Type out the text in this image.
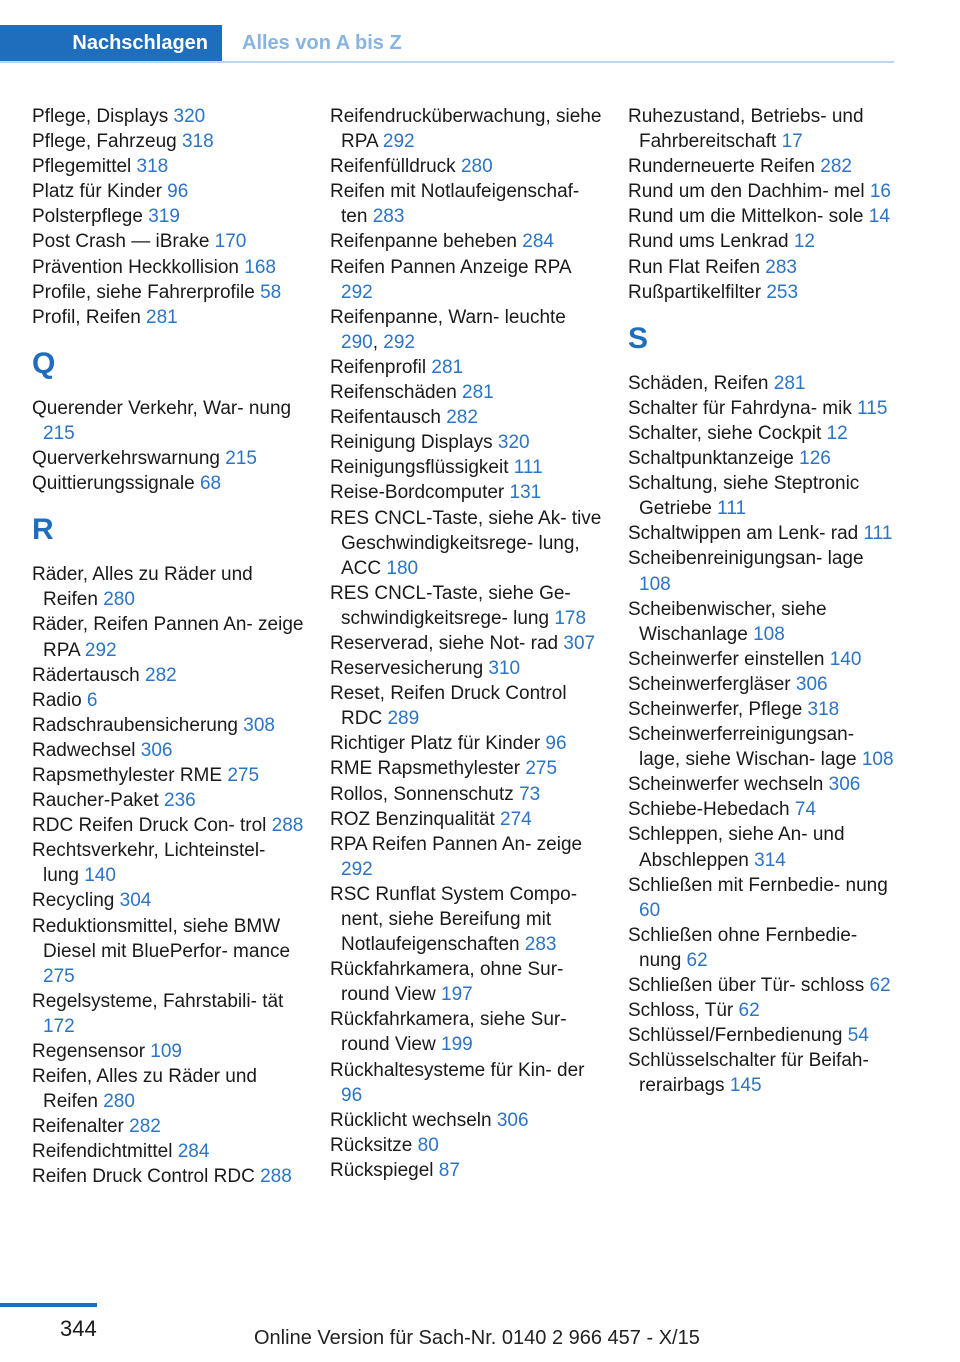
Nachschlagen Alles von A bis Z
Pflege, Displays 320
Pflege, Fahrzeug 318
Pflegemittel 318
Platz für Kinder 96
Polsterpflege 319
Post Crash — iBrake 170
Prävention Heckkollision 168
Profile, siehe Fahrerprofile 58
Profil, Reifen 281
Q
Querender Verkehr, War‐ nung 215
Querverkehrswarnung 215
Quittierungssignale 68
R
Räder, Alles zu Räder und Reifen 280
Räder, Reifen Pannen An‐ zeige RPA 292
Rädertausch 282
Radio 6
Radschraubensicherung 308
Radwechsel 306
Rapsmethylester RME 275
Raucher-Paket 236
RDC Reifen Druck Con‐ trol 288
Rechtsverkehr, Lichteinstel‐ lung 140
Recycling 304
Reduktionsmittel, siehe BMW Diesel mit BluePerfor‐ mance 275
Regelsysteme, Fahrstabili‐ tät 172
Regensensor 109
Reifen, Alles zu Räder und Reifen 280
Reifenalter 282
Reifendichtmittel 284
Reifen Druck Control RDC 288
Reifendrucküberwachung, siehe RPA 292
Reifenfülldruck 280
Reifen mit Notlaufeigenschaf‐ ten 283
Reifenpanne beheben 284
Reifen Pannen Anzeige RPA 292
Reifenpanne, Warn‐ leuchte 290, 292
Reifenprofil 281
Reifenschäden 281
Reifentausch 282
Reinigung Displays 320
Reinigungsflüssigkeit 111
Reise-Bordcomputer 131
RES CNCL-Taste, siehe Ak‐ tive Geschwindigkeitsrege‐ lung, ACC 180
RES CNCL-Taste, siehe Ge‐ schwindigkeitsrege‐ lung 178
Reserverad, siehe Not‐ rad 307
Reservesicherung 310
Reset, Reifen Druck Control RDC 289
Richtiger Platz für Kinder 96
RME Rapsmethylester 275
Rollos, Sonnenschutz 73
ROZ Benzinqualität 274
RPA Reifen Pannen An‐ zeige 292
RSC Runflat System Compo‐ nent, siehe Bereifung mit Notlaufeigenschaften 283
Rückfahrkamera, ohne Sur‐ round View 197
Rückfahrkamera, siehe Sur‐ round View 199
Rückhaltesysteme für Kin‐ der 96
Rücklicht wechseln 306
Rücksitze 80
Rückspiegel 87
Ruhezustand, Betriebs- und Fahrbereitschaft 17
Runderneuerte Reifen 282
Rund um den Dachhim‐ mel 16
Rund um die Mittelkon‐ sole 14
Rund ums Lenkrad 12
Run Flat Reifen 283
Rußpartikelfilter 253
S
Schäden, Reifen 281
Schalter für Fahrdyna‐ mik 115
Schalter, siehe Cockpit 12
Schaltpunktanzeige 126
Schaltung, siehe Steptronic Getriebe 111
Schaltwippen am Lenk‐ rad 111
Scheibenreinigungsan‐ lage 108
Scheibenwischer, siehe Wischanlage 108
Scheinwerfer einstellen 140
Scheinwerfergläser 306
Scheinwerfer, Pflege 318
Scheinwerferreinigungsan‐ lage, siehe Wischan‐ lage 108
Scheinwerfer wechseln 306
Schiebe-Hebedach 74
Schleppen, siehe An- und Abschleppen 314
Schließen mit Fernbedie‐ nung 60
Schließen ohne Fernbedie‐ nung 62
Schließen über Tür‐ schloss 62
Schloss, Tür 62
Schlüssel/Fernbedienung 54
Schlüsselschalter für Beifah‐ rerairbags 145
344	Online Version für Sach-Nr. 0140 2 966 457 - X/15
